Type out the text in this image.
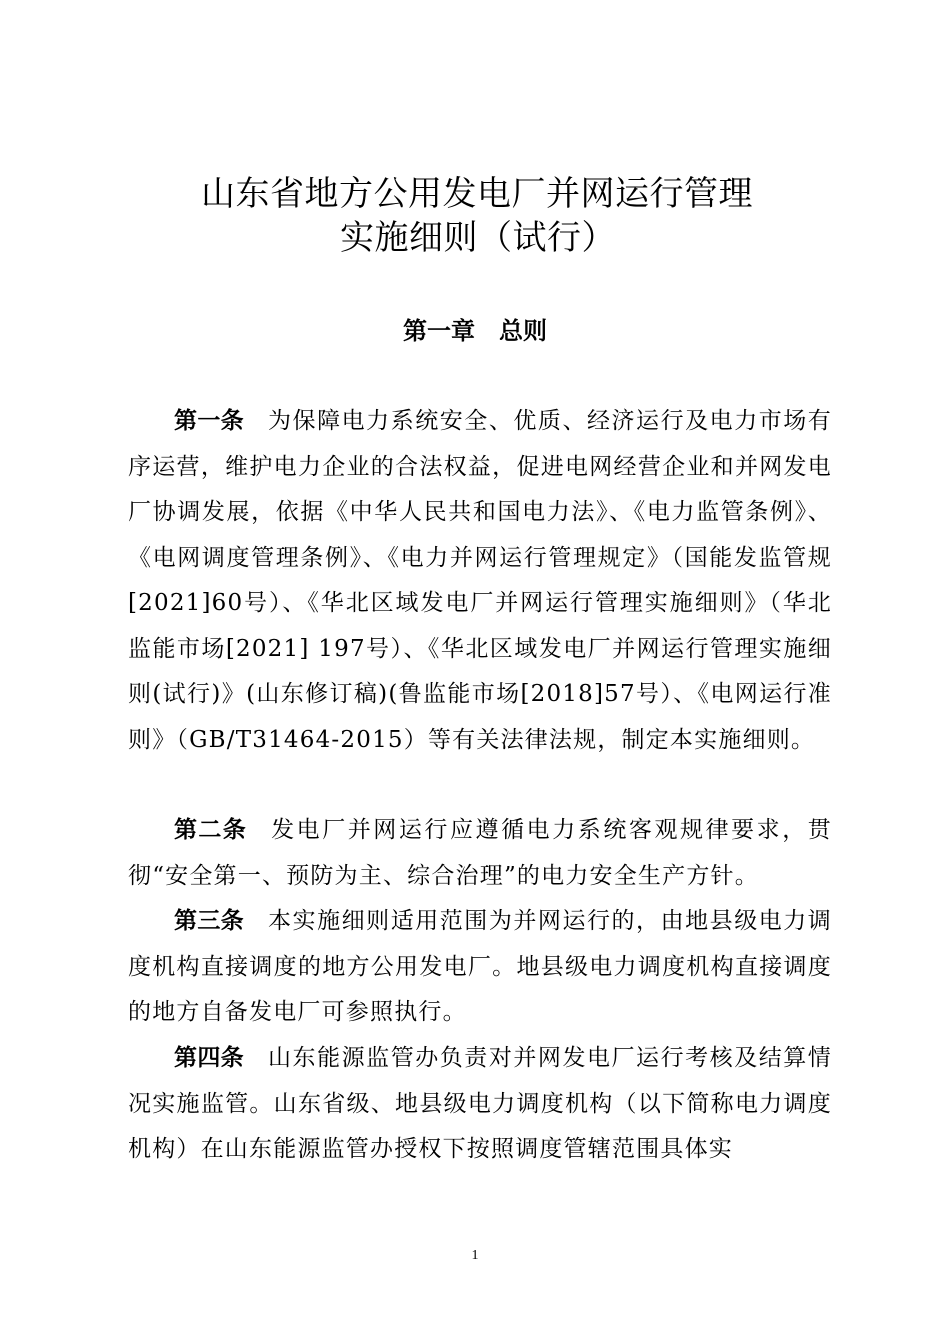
山东省地方公用发电厂并网运行管理
实施细则（试行）
第一章 总则

第一条 为保障电力系统安全、优质、经济运行及电力市场有序运营，维护电力企业的合法权益，促进电网经营企业和并网发电厂协调发展，依据《中华人民共和国电力法》、《电力监管条例》、《电网调度管理条例》、《电力并网运行管理规定》（国能发监管规[2021]60号）、《华北区域发电厂并网运行管理实施细则》（华北监能市场[2021] 197号）、《华北区域发电厂并网运行管理实施细则(试行)》(山东修订稿)(鲁监能市场[2018]57号）、《电网运行准则》（GB/T31464-2015）等有关法律法规，制定本实施细则。

第二条 发电厂并网运行应遵循电力系统客观规律要求，贯彻“安全第一、预防为主、综合治理”的电力安全生产方针。

第三条 本实施细则适用范围为并网运行的，由地县级电力调度机构直接调度的地方公用发电厂。地县级电力调度机构直接调度的地方自备发电厂可参照执行。

第四条 山东能源监管办负责对并网发电厂运行考核及结算情况实施监管。山东省级、地县级电力调度机构（以下简称电力调度机构）在山东能源监管办授权下按照调度管辖范围具体实

1
